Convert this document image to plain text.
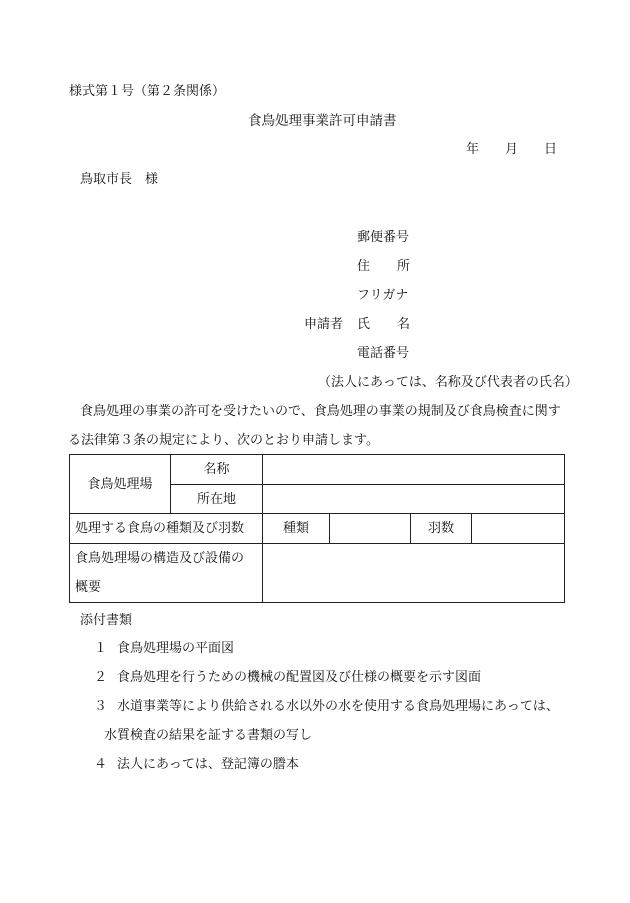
様式第１号（第２条関係）
食鳥処理事業許可申請書
年 月 日
鳥取市長　様
郵便番号
住 所
フリガナ
申請者 氏 名
電話番号
（法人にあっては、名称及び代表者の氏名）
食鳥処理の事業の許可を受けたいので、食鳥処理の事業の規制及び食鳥検査に関す
る法律第３条の規定により、次のとおり申請します。
食鳥処理場	名称				
	所在地				
処理する食鳥の種類及び羽数		種類		羽数	

食鳥処理場の構造及び設備の
概要					

添付書類
１ 食鳥処理場の平面図
２ 食鳥処理を行うための機械の配置図及び仕様の概要を示す図面
３ 水道事業等により供給される水以外の水を使用する食鳥処理場にあっては、
水質検査の結果を証する書類の写し
４ 法人にあっては、登記簿の謄本
